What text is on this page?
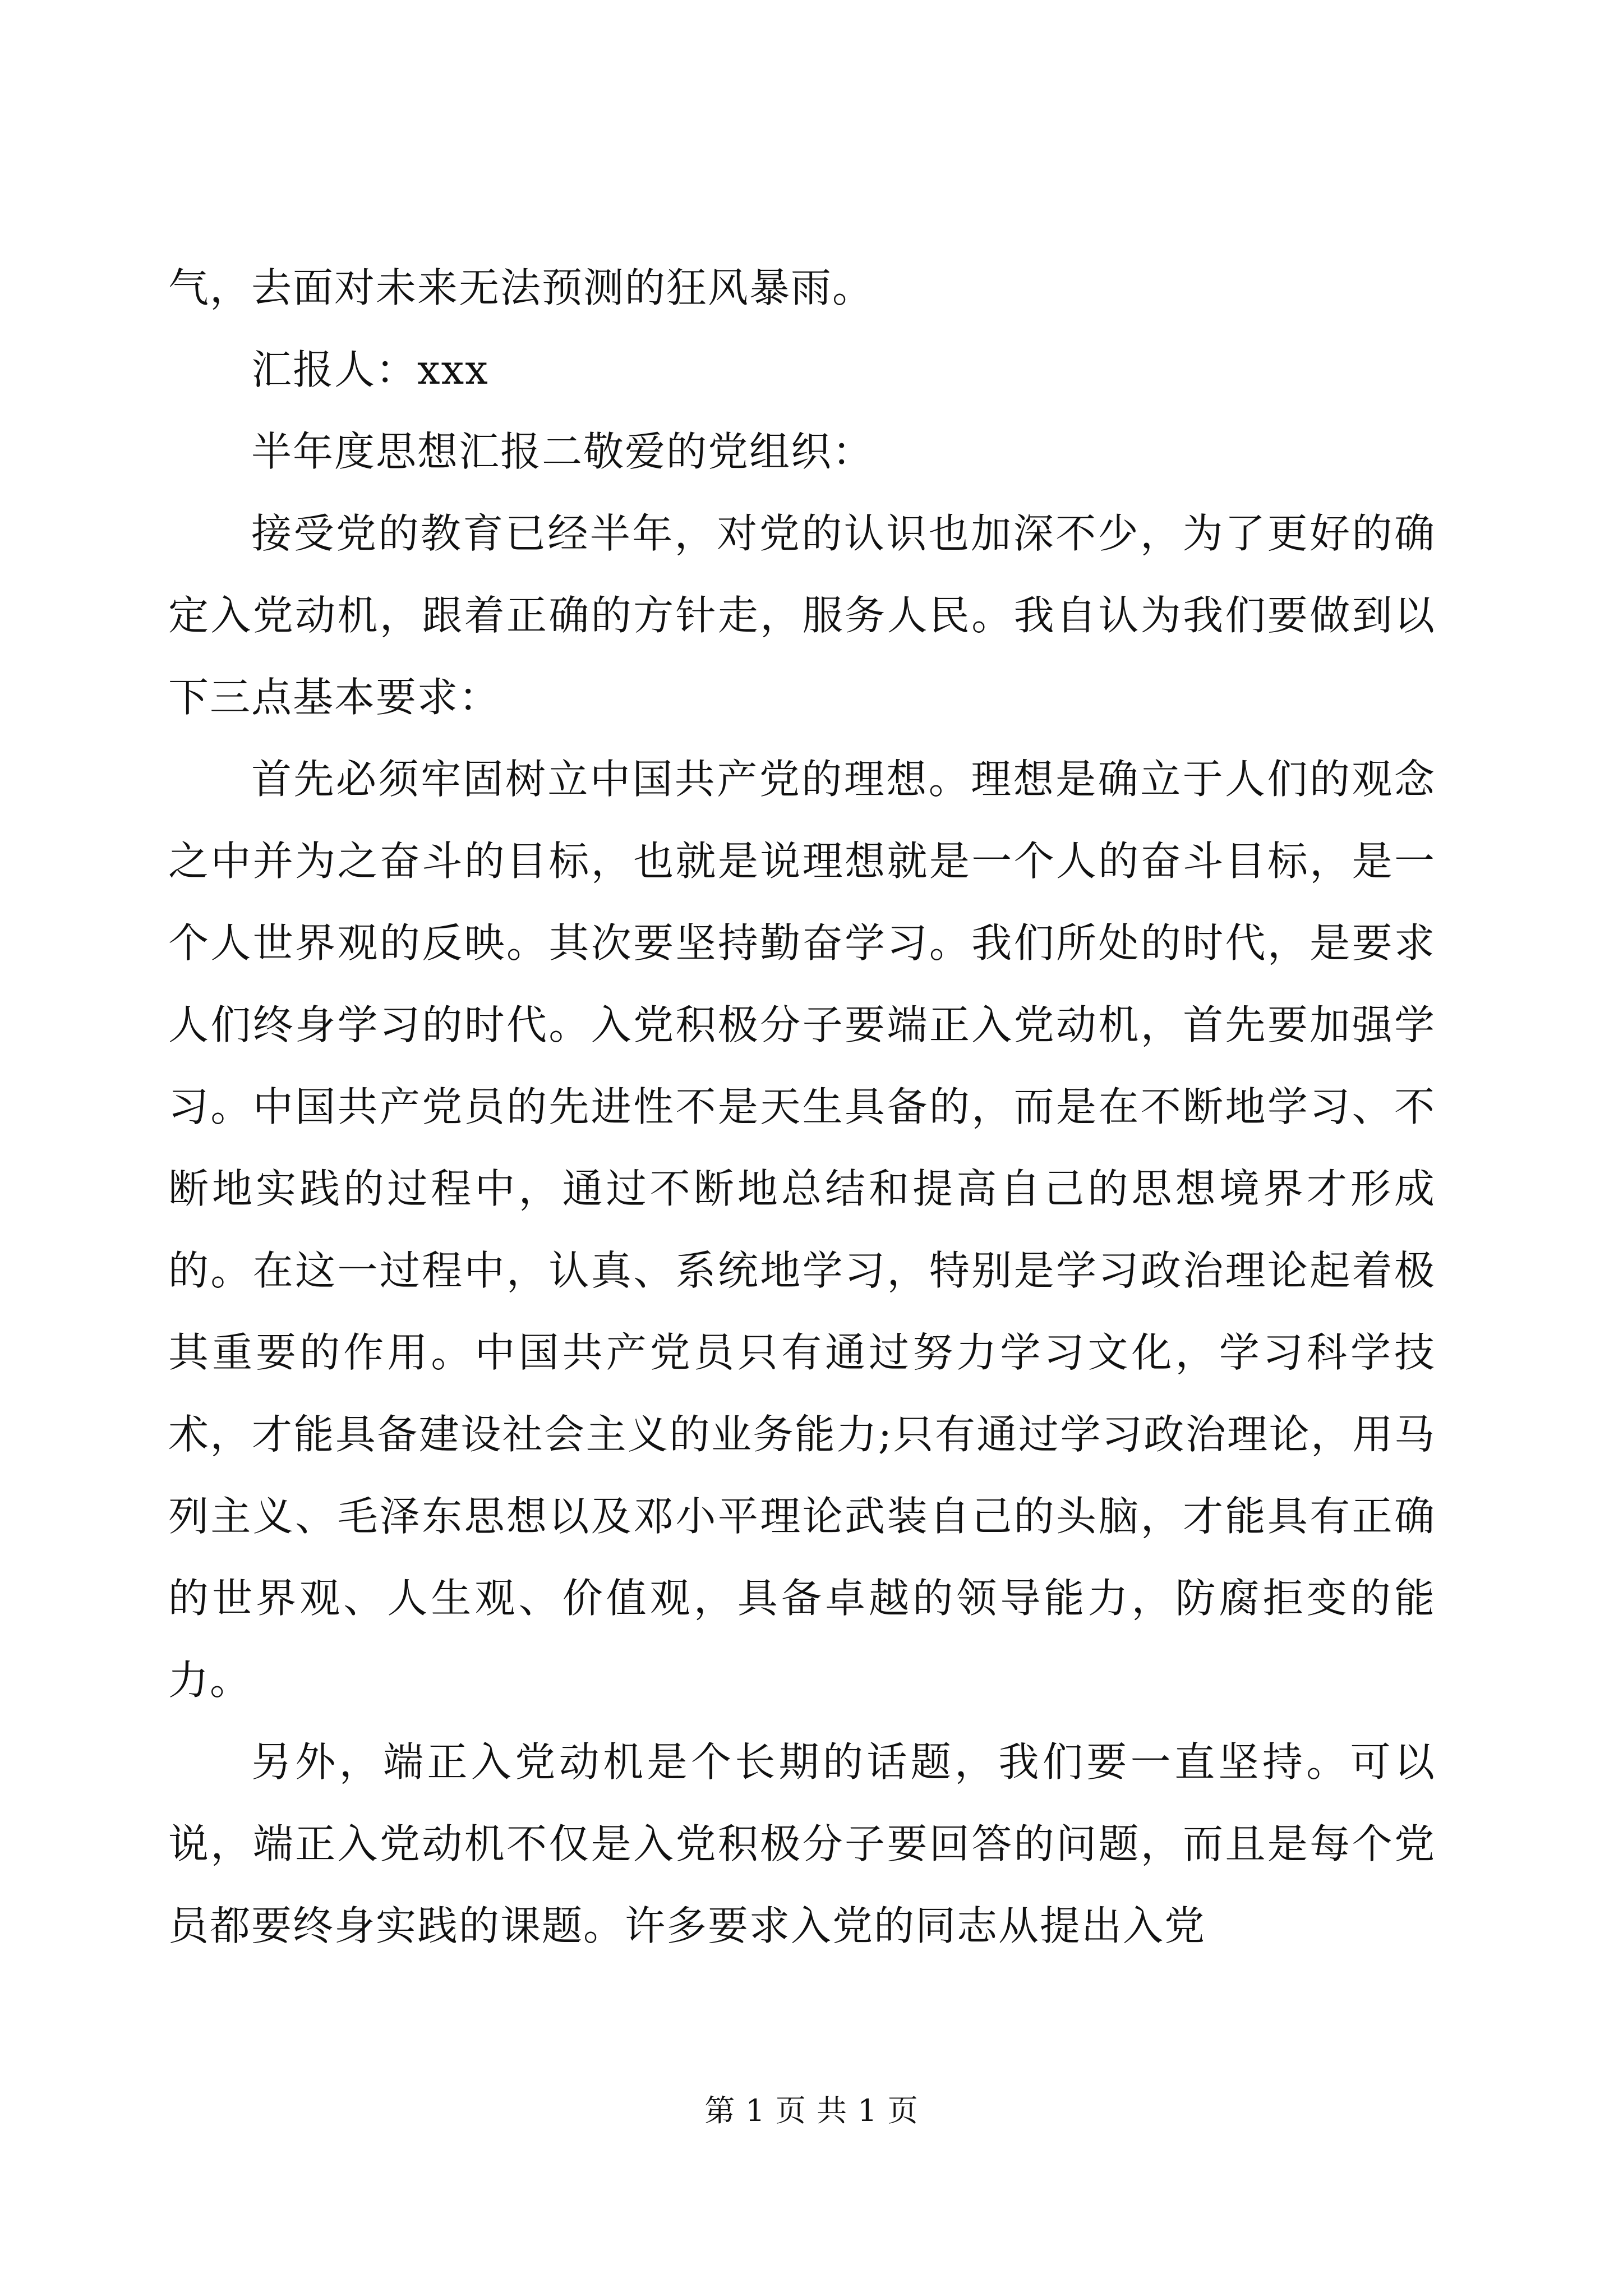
气，去面对未来无法预测的狂风暴雨。

汇报人：xxx

半年度思想汇报二敬爱的党组织：

接受党的教育已经半年，对党的认识也加深不少，为了更好的确定入党动机，跟着正确的方针走，服务人民。我自认为我们要做到以下三点基本要求：

首先必须牢固树立中国共产党的理想。理想是确立于人们的观念之中并为之奋斗的目标，也就是说理想就是一个人的奋斗目标，是一个人世界观的反映。其次要坚持勤奋学习。我们所处的时代，是要求人们终身学习的时代。入党积极分子要端正入党动机，首先要加强学习。中国共产党员的先进性不是天生具备的，而是在不断地学习、不断地实践的过程中，通过不断地总结和提高自己的思想境界才形成的。在这一过程中，认真、系统地学习，特别是学习政治理论起着极其重要的作用。中国共产党员只有通过努力学习文化，学习科学技术，才能具备建设社会主义的业务能力;只有通过学习政治理论，用马列主义、毛泽东思想以及邓小平理论武装自己的头脑，才能具有正确的世界观、人生观、价值观，具备卓越的领导能力，防腐拒变的能力。

另外，端正入党动机是个长期的话题，我们要一直坚持。可以说，端正入党动机不仅是入党积极分子要回答的问题，而且是每个党员都要终身实践的课题。许多要求入党的同志从提出入党

第 1 页 共 1 页
